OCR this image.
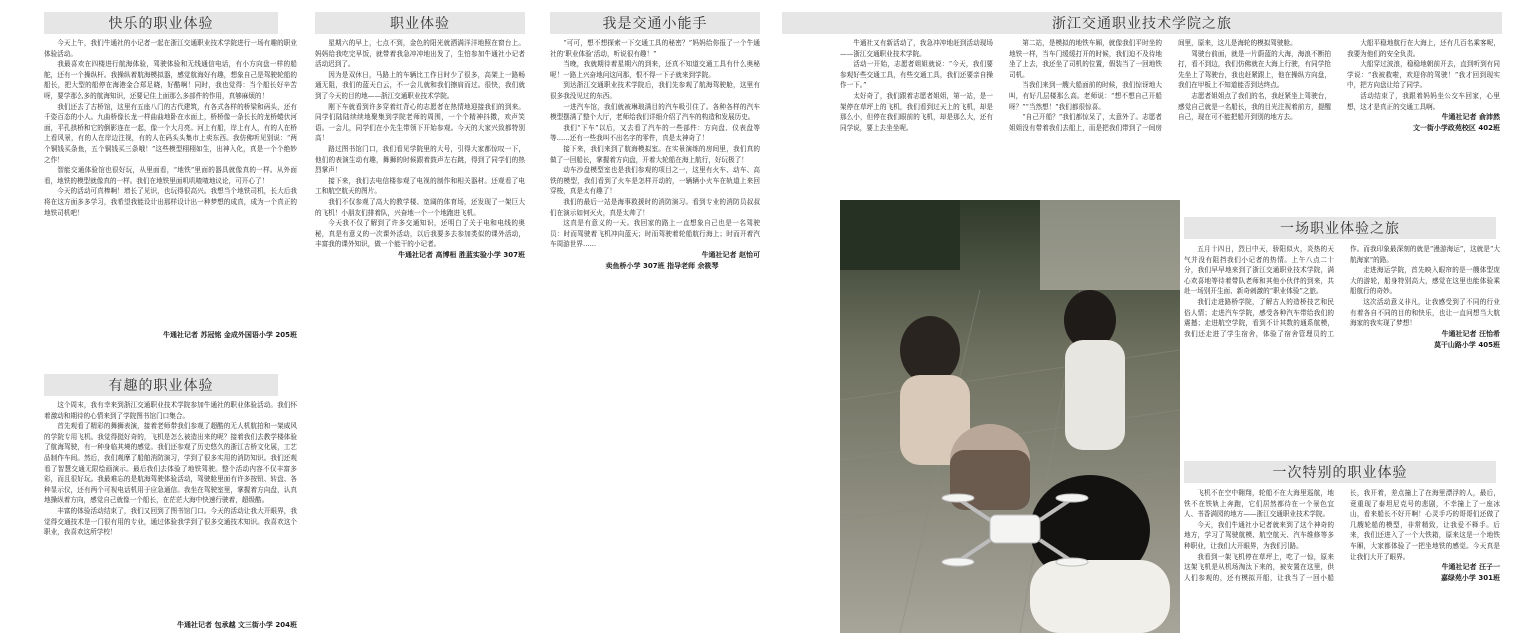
快乐的职业体验

今天上午，我们牛通社的小记者一起在浙江交通职业技术学院进行一场有趣的职业体验活动。

我最喜欢在四楼进行航海体验，驾驶体验和无线通信电话，有小方向盘一样的船舵，还有一个操纵杆。我操纵着航海模拟器，感觉航海好有趣，想象自己是驾驶轮船的船长，把大型的船停在海港金合郑足晓，好酷啊！同时，我也觉得：当个船长好辛苦呀，要学那么多的航海知识，还要记住上面那么多部件的作用，真够麻烦的！

我们还去了古桥馆，这里有五座八门的古代建筑，有各式各样的桥梁和码头，还有千姿百态的小人。九曲桥像长龙一样曲曲地卧在水面上，桥桥像一条长长的龙桥蜷伏河面，平孔拱桥和它的倒影连在一起，像一个大月亮。河上有船，岸上有人，有的人在桥上看风景，有的人在岸边注视，有的人在码头头集市上卖东西。我仿佛听见别说：“两个铜钱买条鱼，五个铜钱买三条哦！”这些模型栩栩如生，出神入化，真是一个个绝妙之作！

智能交通体验馆也很好玩，从里面看，“地铁”里面的器具就像真的一样。从外面看，地铁的模型就像真的一样。我们在地铁里面叽叽喳喳地议论，可开心了！

今天的活动可真棒啊！增长了见识，也玩得很高兴。我想当个地铁司机，长大后我将在这方面多多学习，我希望我能设计出那样设计出一种梦想的成真，成为一个真正的地铁司机吧！

牛通社记者 苏冠铭 金成外国语小学 205班
有趣的职业体验

这个周末，我有幸来到浙江交通职业技术学院参加牛通社的职业体验活动。我们怀着激动和期待的心情来到了学院图书馆门口集合。

首先观看了精彩的舞狮表演，接着老师带我们参观了超酷的无人机航拍和一架威风的学院专用飞机。我觉得挺好奇的，飞机是怎么被造出来的呢？接着我们去教学楼体验了航海驾驶，有一种身临其境的感觉。我们还参观了历史悠久的浙江古桥文化展，工艺品制作车间。然后，我们观摩了船舶消防演习，学到了很多实用的消防知识。我们还观看了智慧交通无限绘画演示。最后我们去体验了地铁驾驶。整个活动内容不仅丰富多彩，而且很好玩。我最难忘的是航海驾驶体验活动，驾驶舱里面有许多按钮、转盘、各种显示仪，还有两个可视电话机用于应急通信。我坐在驾驶室里，掌握着方向盘，认真地操纵着方向，感觉自己就像一个船长，在茫茫大海中快速行驶着，超级酷。

丰富的体验活动结束了，我们又回到了图书馆门口。今天的活动让我大开眼界，我觉得交通技术是一门很有用的专业，通过体验我学到了很多交通技术知识。我喜欢这个职业，我喜欢这所学校！

牛通社记者 包承越 文三街小学 204班
职业体验

星期六的早上，七点不到，金色的阳光就洒满洋洋地照在窗台上。妈妈给我吃完早饭，就带着我急冲冲地出发了，生怕参加牛通社小记者活动迟到了。

因为是双休日，马路上的车辆比工作日时少了很多，高架上一路畅通无阻，我们的蓝天白云，不一会儿就和我们擦肩而过。很快，我们就到了今天的目的地——浙江交通职业技术学院。

刚下车就看到许多穿着红背心的志愿者在热情地迎接我们的到来。同学们陆陆续续地聚集到学院老师的周围，一个个精神抖擞，欢声笑语。一会儿，同学们在小先生带领下开始参观。今天的大家兴致都特别高！

路过图书馆门口，我们看见学院里的大号，引得大家都惊叹一下，他们的表演生动有趣，舞狮的时候跟着鼓声左右跳，得到了同学们的热烈掌声！

接下来，我们去电信楼参观了电视的制作和相关器材。还观看了电工和航空航天的图片。

我们不仅参观了高大的教学楼、宽阔的体育场，还发现了一架巨大的飞机！小朋友们排着队，兴奋地一个一个地跑进飞机。

今天我不仅了解到了许多交通知识，还明白了关于电和电线的奥秘，真是有意义的一次课外活动，以后我要多去参加类似的课外活动，丰富我的课外知识，做一个能干的小记者。

牛通社记者 高博桓 胜蓝实验小学 307班

我是交通小能手

“可可，想不想探索一下交通工具的秘密？”妈妈给你报了一个牛通社的‘职业体验’活动，听说很有趣！”

当晚，我就期待着星期六的到来，还真不知道交通工具有什么奥秘呢！一路上兴奋地问这问那，恨不得一下子就来到学院。

到达浙江交通职业技术学院后，我们先参观了航海驾驶舱，这里有很多我没见过的东西。

一进汽车馆，我们就被琳琅满目的汽车吸引住了。各种各样的汽车模型摆满了整个大厅，老师给我们详细介绍了汽车的构造和发展历史。

我们“下车”以后，又去看了汽车的一些部件：方向盘、仪表盘等等……还有一些我叫不出名字的零件，真是太神奇了！

接下来，我们来到了航海模拟室。在实景演练的房间里，我们真的做了一回船长，掌握着方向盘，开着大轮船在海上航行，好玩极了！

动车沙盘模型室也是我们参观的项目之一，这里有火车、动车、高铁的模型，我们看到了火车是怎样开动的，一辆辆小火车在轨道上来回穿梭，真是太有趣了！

我们的最后一站是海事救援时的消防演习。看到专业的消防员叔叔们在演示如何灭火，真是太帅了！

这真是有意义的一天。我回家的路上一直想象自己也是一名驾驶员：时而驾驶着飞机冲向蓝天；时而驾驶着轮船航行海上；时而开着汽车周游世界……

牛通社记者 赵怡可

卖鱼桥小学 307班 指导老师 余筱琴

浙江交通职业技术学院之旅

牛通社又有新活动了，我急冲冲地赶到活动现场——浙江交通职业技术学院。

活动一开始，志愿者姐姐就说：“今天，我们要参观好些交通工具，有些交通工具，我们还要亲自操作一下。”

太好奇了，我们跟着志愿者姐姐，第一站，是一架停在草坪上的飞机，我们看到过天上的飞机，却是那么小，但停在我们眼前的飞机，却是那么大，还有同学说，要上去坐坐呢。

第二站，是模拟的地铁车厢，就像我们平时坐的地铁一样，当车门缓缓打开的时候，我们迫不及待地坐了上去，我还坐了司机的位置，假装当了一回地铁司机。

当我们来到一艘大船面前的时候，我们惊讶地大叫，有好几层楼那么高。老师说：“想不想自己开船呀？”“当然想！”我们都很惊喜。

“自己开船？”我们都惊呆了，太意外了。志愿者姐姐没有带着我们去船上，而是把我们带到了一间房间里，原来，这儿是海轮的模拟驾驶舱。

驾驶台前面，就是一片蔚蓝的大海，海浪不断拍打，看不到边，我们仿佛就在大海上行驶，有同学抢先坐上了驾驶台，我也赶紧跟上，他在操纵方向盘，我们在甲板上不知道能否到达终点。

志愿者姐姐点了我们的名，我赶紧坐上驾驶台，感觉自己就是一名船长，我的目光注视着前方，提醒自己，现在可不能把船开到别的地方去。

大船平稳地航行在大海上，还有几百名乘客呢，我要为他们的安全负责。

大船穿过波浪，稳稳地朝前开去，直到听到有同学说：“我被救啦，欢迎你的驾驶！”我才回到现实中，把方向盘让给了同学。

活动结束了，我跟着妈妈坐公交车回家，心里想，这才是真正的交通工具啊。

牛通社记者 俞沛然

文一街小学政苑校区 402班

一场职业体验之旅

五月十四日，烈日中天，骄阳似火，炎热的天气并没有阻挡我们小记者的热情。上午八点二十分，我们早早地来到了浙江交通职业技术学院，满心欢喜地等待着带队老师和其他小伙伴的到来，共赴一场别开生面、新奇刺激的“职业体验”之旅。

我们走进路桥学院，了解古人的造桥技艺和民俗人情；走进汽车学院，感受各种汽车带给我们的震撼；走进航空学院，看到不计其数的通系航模，我们还走进了学生宿舍，体验了宿舍管理员的工作。而我印象最深刻的就是“漫游海运”，这就是“大航海家”的路。

走进海运学院，首先映入眼帘的是一艘体型庞大的游轮，船身特别高大，感觉在这里也能体验乘船航行的奇妙。

这次活动意义非凡，让我感受到了不同的行业有着各自不同的目的和快乐，也让一直问想当大航海家的我实现了梦想！

牛通社记者 汪怡希

莫干山路小学 405班

一次特别的职业体验

飞机不在空中翱翔，轮船不在大海里巡航，地铁不在铁轨上奔跑，它们居然都待在一个景色宜人、书香满园的地方——浙江交通职业技术学院。

今天，我们牛通社小记者就来到了这个神奇的地方，学习了驾驶航模、航空航天、汽车维修等多种职业，让我们大开眼界，为我们引路。

我看到一架飞机停在草坪上，吃了一惊，原来这架飞机是从机场淘汰下来的，被安置在这里，供人们参观的，还有模拟开船，让我当了一回小船长，我开着，差点撞上了在海里漂浮的人，最后，竟重现了泰坦尼克号的悲剧，不幸撞上了一座冰山，看来船长不好开啊！心灵手巧的哥哥们还做了几艘轮船的模型，非常精致，让我爱不释手。后来，我们还进入了一个大铁箱，原来这是一个地铁车厢，大家都体验了一把坐地铁的感觉。今天真是让我们大开了眼界。

牛通社记者 汪子一

嘉绿苑小学 301班
